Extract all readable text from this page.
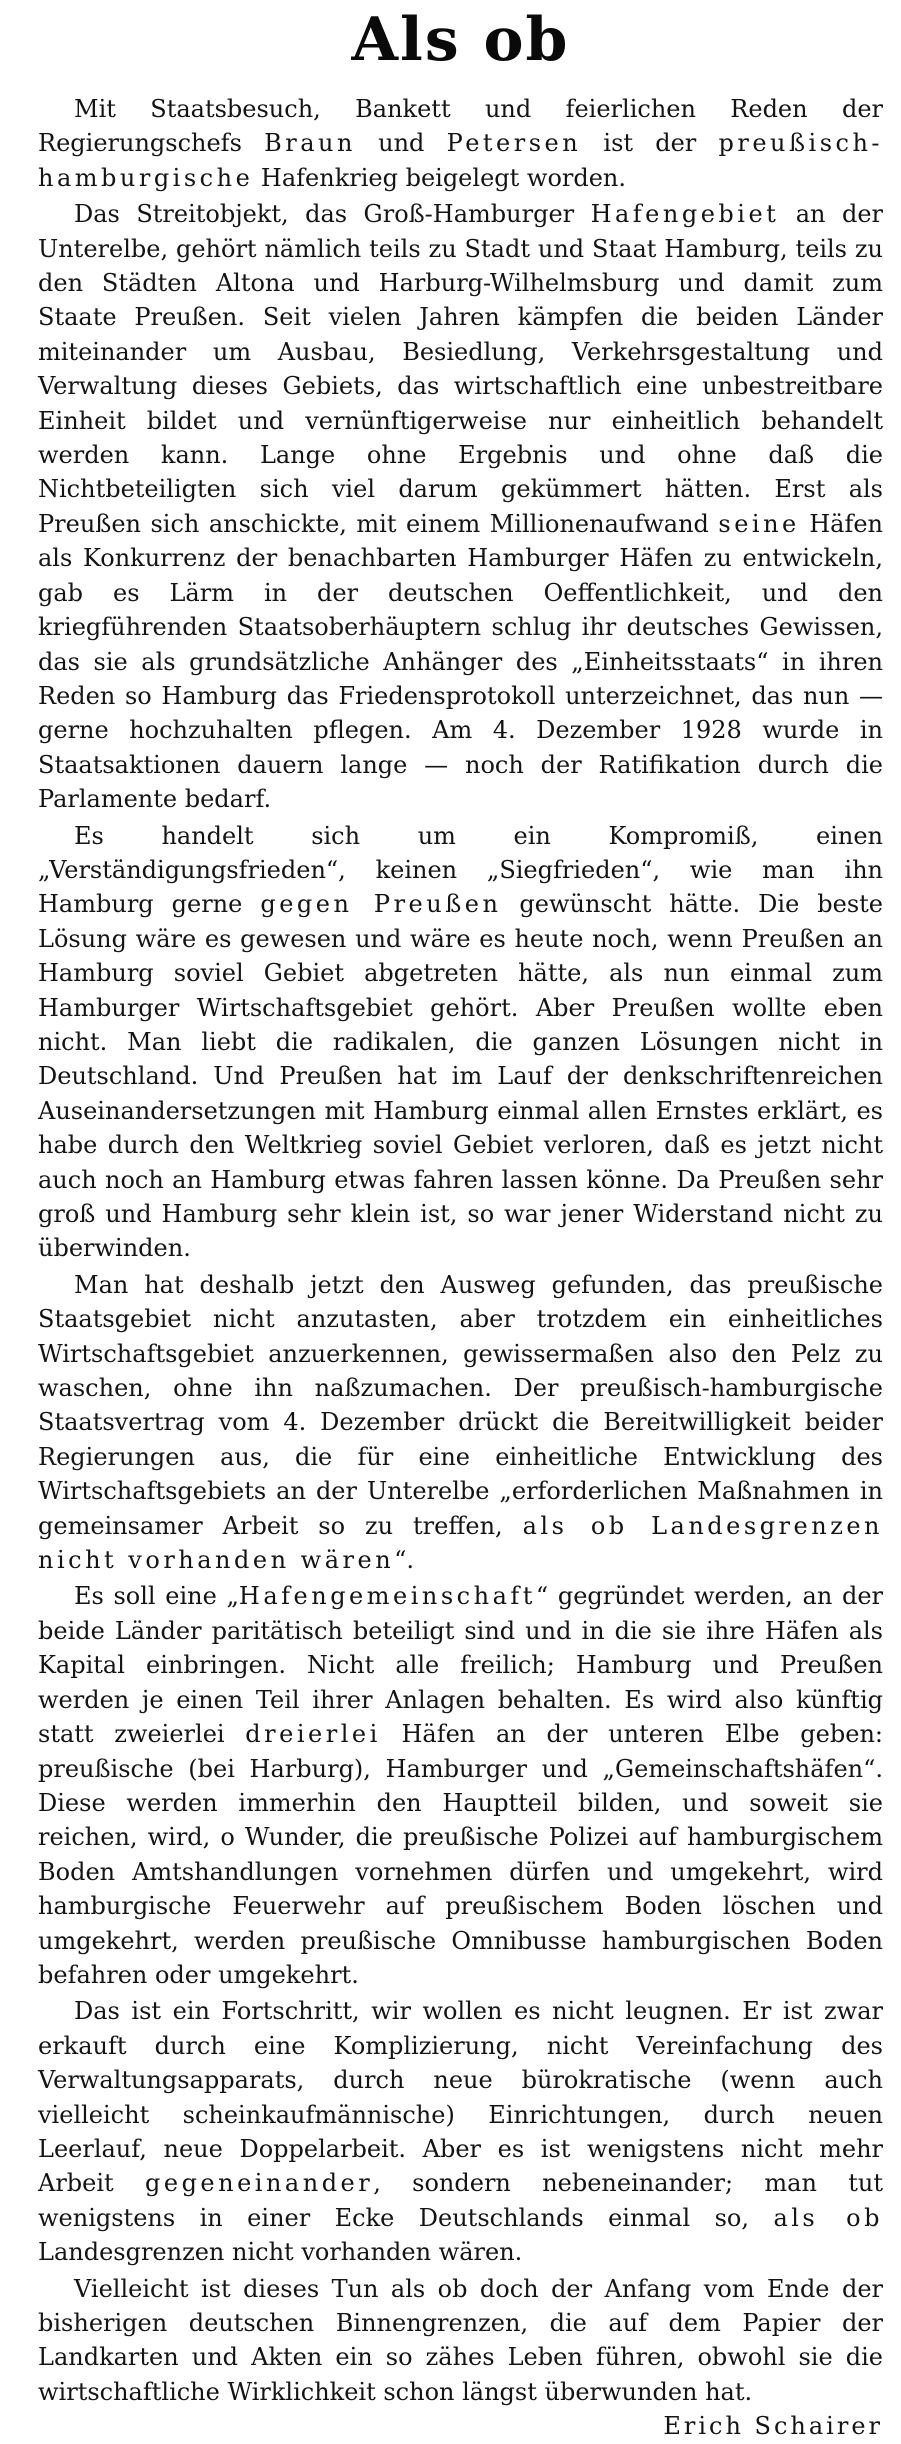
Als ob

Mit Staatsbesuch, Bankett und feierlichen Reden der Regierungschefs Braun und Petersen ist der preußisch-hamburgische Hafenkrieg beigelegt worden.

Das Streitobjekt, das Groß-Hamburger Hafengebiet an der Unterelbe, gehört nämlich teils zu Stadt und Staat Hamburg, teils zu den Städten Altona und Harburg-Wilhelmsburg und damit zum Staate Preußen. Seit vielen Jahren kämpfen die beiden Länder miteinander um Ausbau, Besiedlung, Verkehrsgestaltung und Verwaltung dieses Gebiets, das wirtschaftlich eine unbestreitbare Einheit bildet und vernünftigerweise nur einheitlich behandelt werden kann. Lange ohne Ergebnis und ohne daß die Nichtbeteiligten sich viel darum gekümmert hätten. Erst als Preußen sich anschickte, mit einem Millionenaufwand seine Häfen als Konkurrenz der benachbarten Hamburger Häfen zu entwickeln, gab es Lärm in der deutschen Oeffentlichkeit, und den kriegführenden Staatsoberhäuptern schlug ihr deutsches Gewissen, das sie als grundsätzliche Anhänger des „Einheitsstaats“ in ihren Reden so Hamburg das Friedensprotokoll unterzeichnet, das nun — gerne hochzuhalten pflegen. Am 4. Dezember 1928 wurde in Staatsaktionen dauern lange — noch der Ratifikation durch die Parlamente bedarf.

Es handelt sich um ein Kompromiß, einen „Verständigungsfrieden“, keinen „Siegfrieden“, wie man ihn Hamburg gerne gegen Preußen gewünscht hätte. Die beste Lösung wäre es gewesen und wäre es heute noch, wenn Preußen an Hamburg soviel Gebiet abgetreten hätte, als nun einmal zum Hamburger Wirtschaftsgebiet gehört. Aber Preußen wollte eben nicht. Man liebt die radikalen, die ganzen Lösungen nicht in Deutschland. Und Preußen hat im Lauf der denkschriftenreichen Auseinandersetzungen mit Hamburg einmal allen Ernstes erklärt, es habe durch den Weltkrieg soviel Gebiet verloren, daß es jetzt nicht auch noch an Hamburg etwas fahren lassen könne. Da Preußen sehr groß und Hamburg sehr klein ist, so war jener Widerstand nicht zu überwinden.

Man hat deshalb jetzt den Ausweg gefunden, das preußische Staatsgebiet nicht anzutasten, aber trotzdem ein einheitliches Wirtschaftsgebiet anzuerkennen, gewissermaßen also den Pelz zu waschen, ohne ihn naßzumachen. Der preußisch-hamburgische Staatsvertrag vom 4. Dezember drückt die Bereitwilligkeit beider Regierungen aus, die für eine einheitliche Entwicklung des Wirtschaftsgebiets an der Unterelbe „erforderlichen Maßnahmen in gemeinsamer Arbeit so zu treffen, als ob Landesgrenzen nicht vorhanden wären“.

Es soll eine „Hafengemeinschaft“ gegründet werden, an der beide Länder paritätisch beteiligt sind und in die sie ihre Häfen als Kapital einbringen. Nicht alle freilich; Hamburg und Preußen werden je einen Teil ihrer Anlagen behalten. Es wird also künftig statt zweierlei dreierlei Häfen an der unteren Elbe geben: preußische (bei Harburg), Hamburger und „Gemeinschaftshäfen“. Diese werden immerhin den Hauptteil bilden, und soweit sie reichen, wird, o Wunder, die preußische Polizei auf hamburgischem Boden Amtshandlungen vornehmen dürfen und umgekehrt, wird hamburgische Feuerwehr auf preußischem Boden löschen und umgekehrt, werden preußische Omnibusse hamburgischen Boden befahren oder umgekehrt.

Das ist ein Fortschritt, wir wollen es nicht leugnen. Er ist zwar erkauft durch eine Komplizierung, nicht Vereinfachung des Verwaltungsapparats, durch neue bürokratische (wenn auch vielleicht scheinkaufmännische) Einrichtungen, durch neuen Leerlauf, neue Doppelarbeit. Aber es ist wenigstens nicht mehr Arbeit gegeneinander, sondern nebeneinander; man tut wenigstens in einer Ecke Deutschlands einmal so, als ob Landesgrenzen nicht vorhanden wären.

Vielleicht ist dieses Tun als ob doch der Anfang vom Ende der bisherigen deutschen Binnengrenzen, die auf dem Papier der Landkarten und Akten ein so zähes Leben führen, obwohl sie die wirtschaftliche Wirklichkeit schon längst überwunden hat.
Erich Schairer
